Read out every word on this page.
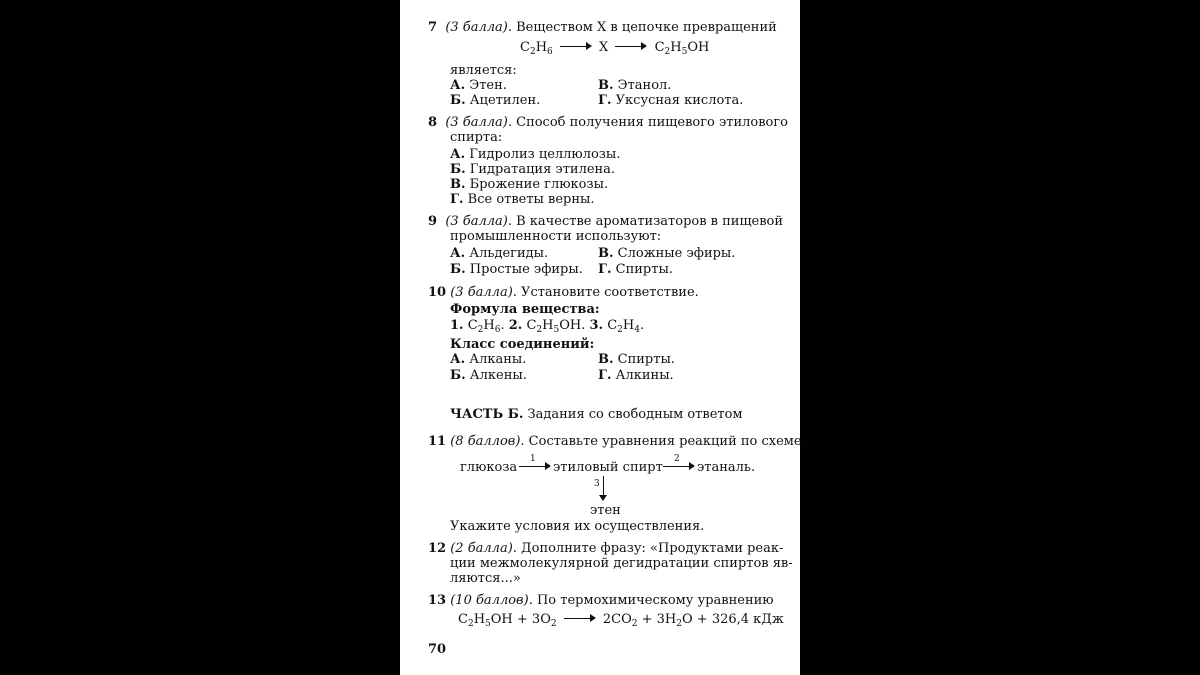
7 (3 балла). Веществом X в цепочке превращений
$C_2H_6$	X	$C_2H_5OH$
является:
А. Этен.	В. Этанол.
Б. Ацетилен.	Г. Уксусная кислота.
8 (3 балла). Способ получения пищевого этилового
спирта:
А. Гидролиз целлюлозы.
Б. Гидратация этилена.
В. Брожение глюкозы.
Г. Все ответы верны.
9 (3 балла). В качестве ароматизаторов в пищевой
промышленности используют:
А. Альдегиды.	В. Сложные эфиры.
Б. Простые эфиры. Г. Спирты.
10 (3 балла). Установите соответствие.
Формула вещества:
1. $C_2H_6$. 2. $C_2H_5OH$. 3. $C_2H_4$.
Класс соединений:
А. Алканы.	В. Спирты.
Б. Алкены.	Г. Алкины.
ЧАСТЬ Б. Задания со свободным ответом
11 (8 баллов). Составьте уравнения реакций по схеме:
глюкоза
1
этиловый спирт
2
этаналь.
3
этен
Укажите условия их осуществления.
12 (2 балла). Дополните фразу: «Продуктами реак-
ции межмолекулярной дегидратации спиртов яв-
ляются...»
13 (10 баллов). По термохимическому уравнению
$C_2H_5OH + 3O_2$	$2CO_2 + 3H_2O + 326,4$ кДж
70
